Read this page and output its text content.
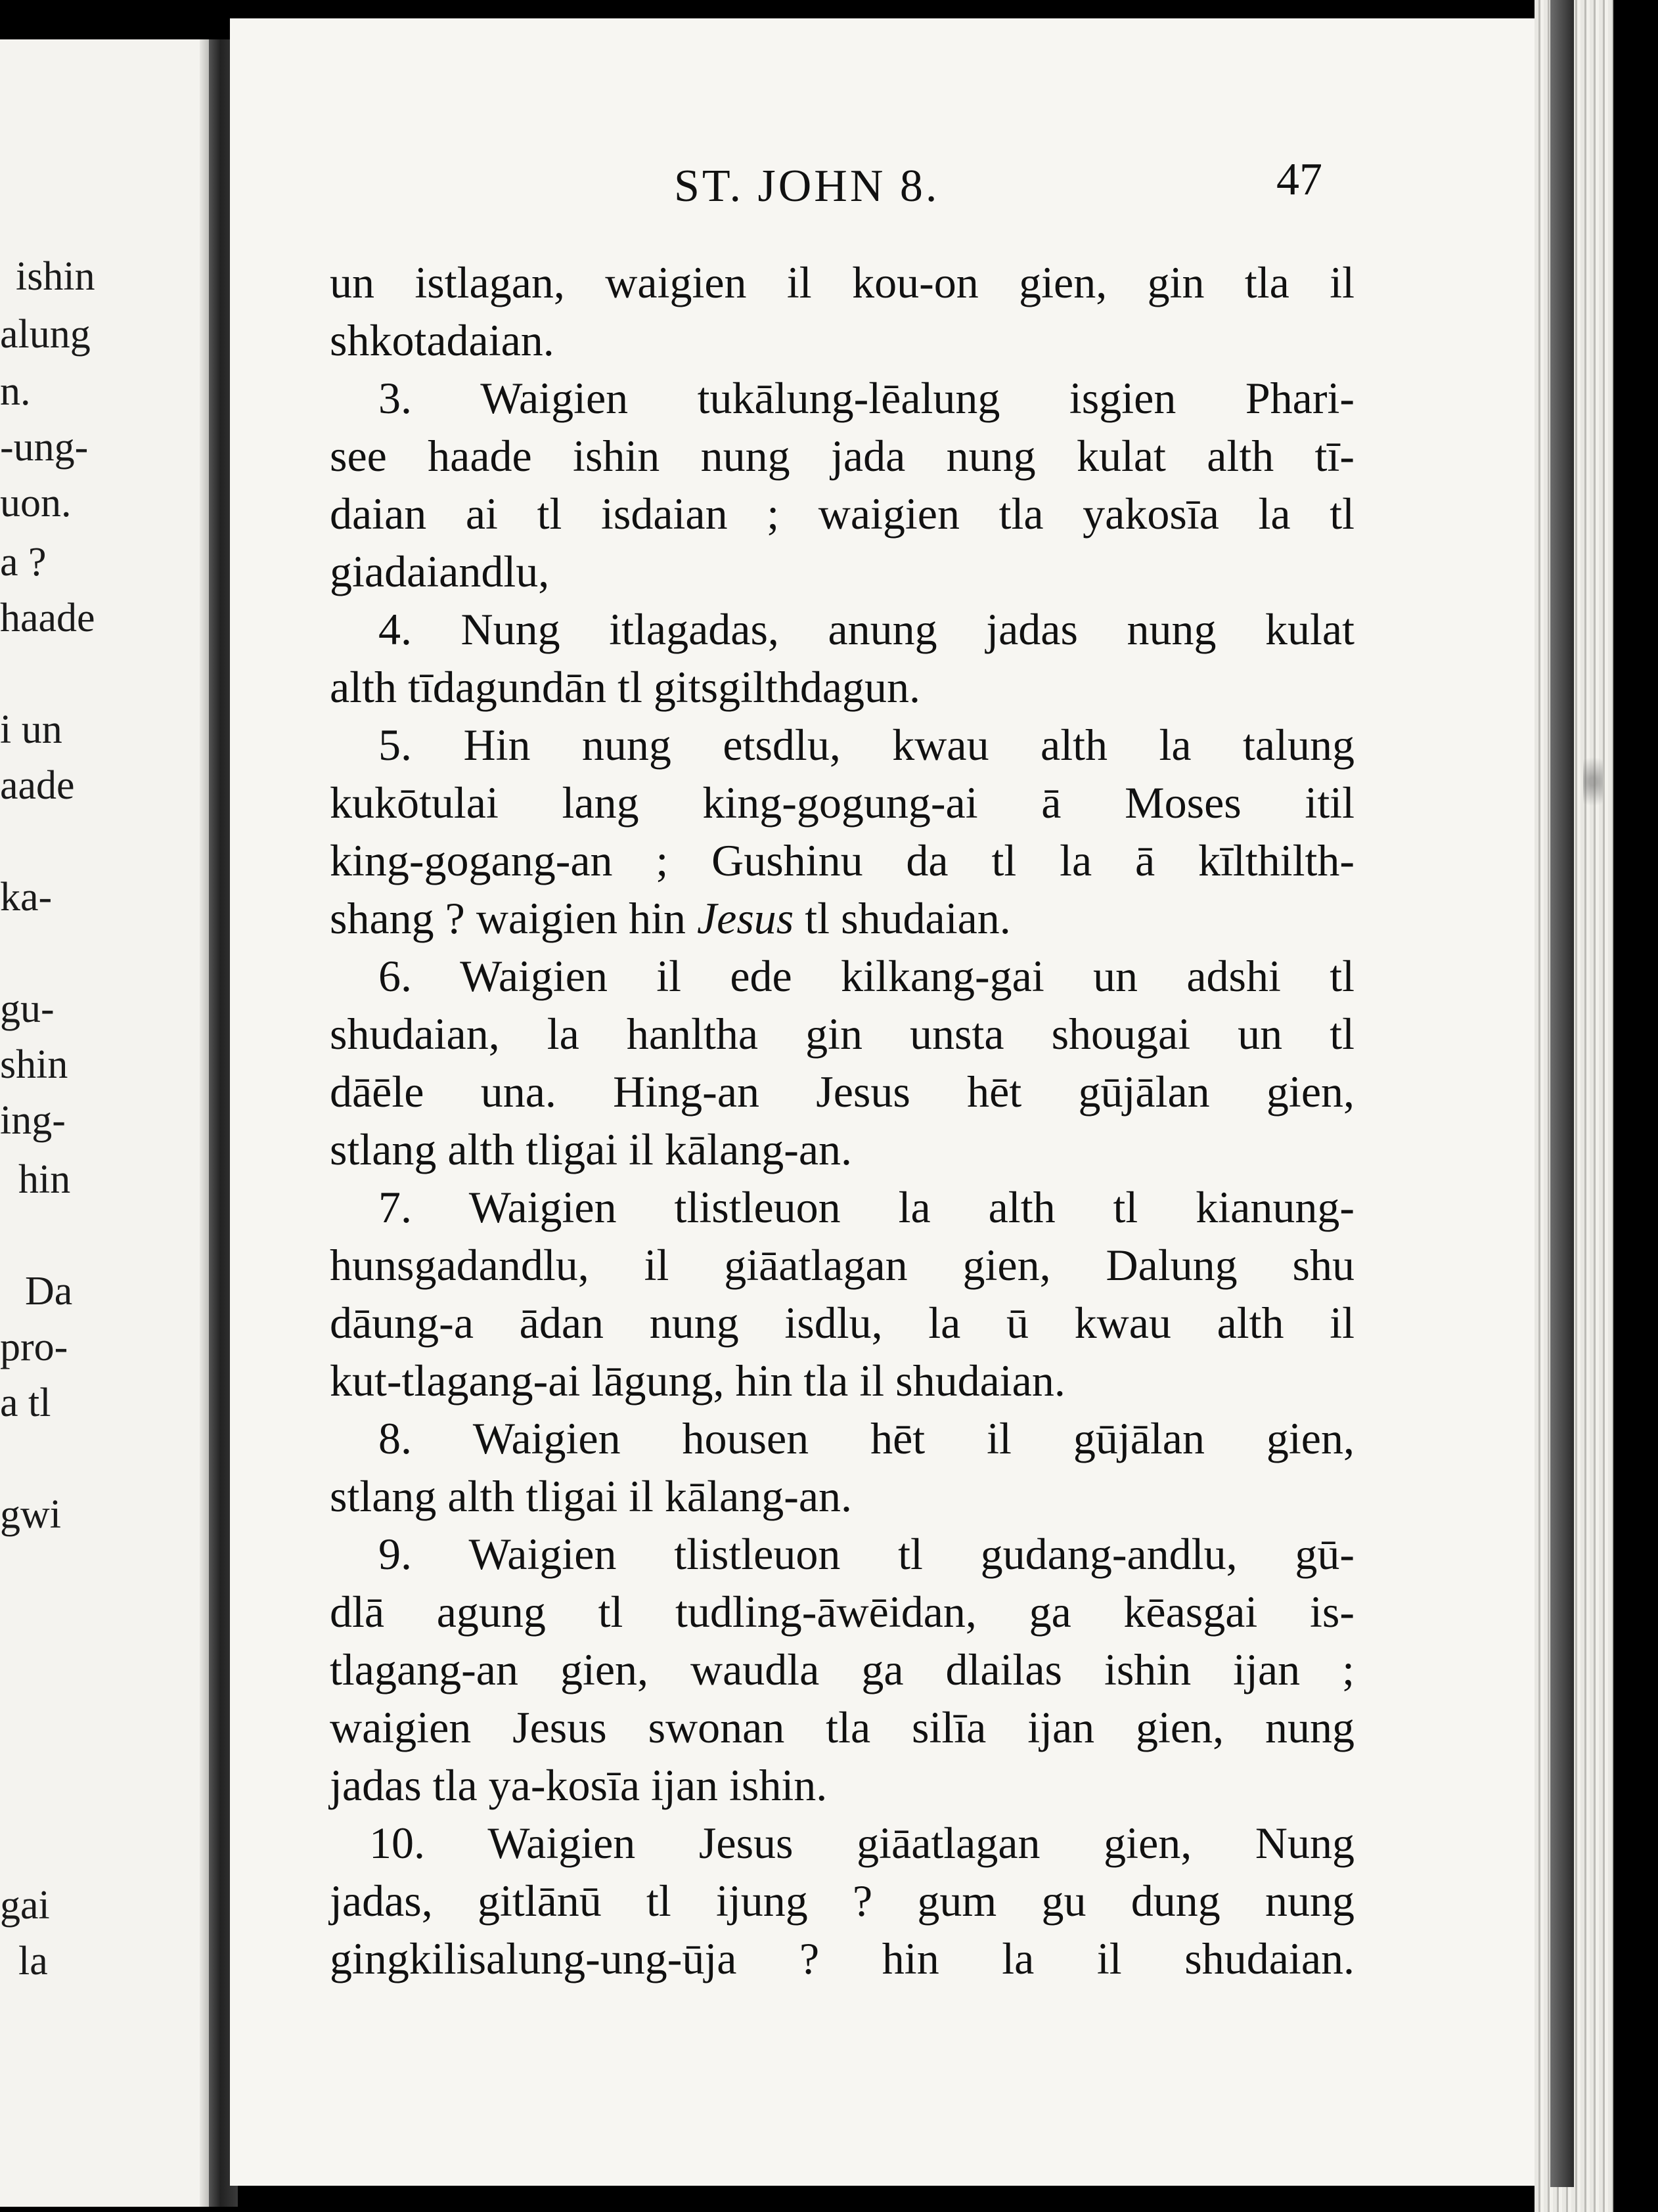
ishin
alung
n.
-ung-
uon.
a ?
haade
i un
aade
ka-
gu-
shin
ing-
hin
Da
pro-
a tl
gwi
gai
la
ST. JOHN 8.	47
un istlagan, waigien il kou-on gien, gin tla il
shkotadaian.
3. Waigien tukālung-lēalung isgien Phari-
see haade ishin nung jada nung kulat alth tī-
daian ai tl isdaian ; waigien tla yakosīa la tl
giadaiandlu,
4. Nung itlagadas, anung jadas nung kulat
alth tīdagundān tl gitsgilthdagun.
5. Hin nung etsdlu, kwau alth la talung
kukōtulai lang king-gogung-ai ā Moses itil
king-gogang-an ; Gushinu da tl la ā kīlthilth-
shang ? waigien hin Jesus tl shudaian.
6. Waigien il ede kilkang-gai un adshi tl
shudaian, la hanltha gin unsta shougai un tl
dāēle una. Hing-an Jesus hēt gūjālan gien,
stlang alth tligai il kālang-an.
7. Waigien tlistleuon la alth tl kianung-
hunsgadandlu, il giāatlagan gien, Dalung shu
dāung-a ādan nung isdlu, la ū kwau alth il
kut-tlagang-ai lāgung, hin tla il shudaian.
8. Waigien housen hēt il gūjālan gien,
stlang alth tligai il kālang-an.
9. Waigien tlistleuon tl gudang-andlu, gū-
dlā agung tl tudling-āwēidan, ga kēasgai is-
tlagang-an gien, waudla ga dlailas ishin ijan ;
waigien Jesus swonan tla silīa ijan gien, nung
jadas tla ya-kosīa ijan ishin.
10. Waigien Jesus giāatlagan gien, Nung
jadas, gitlānū tl ijung ? gum gu dung nung
gingkilisalung-ung-ūja ? hin la il shudaian.
